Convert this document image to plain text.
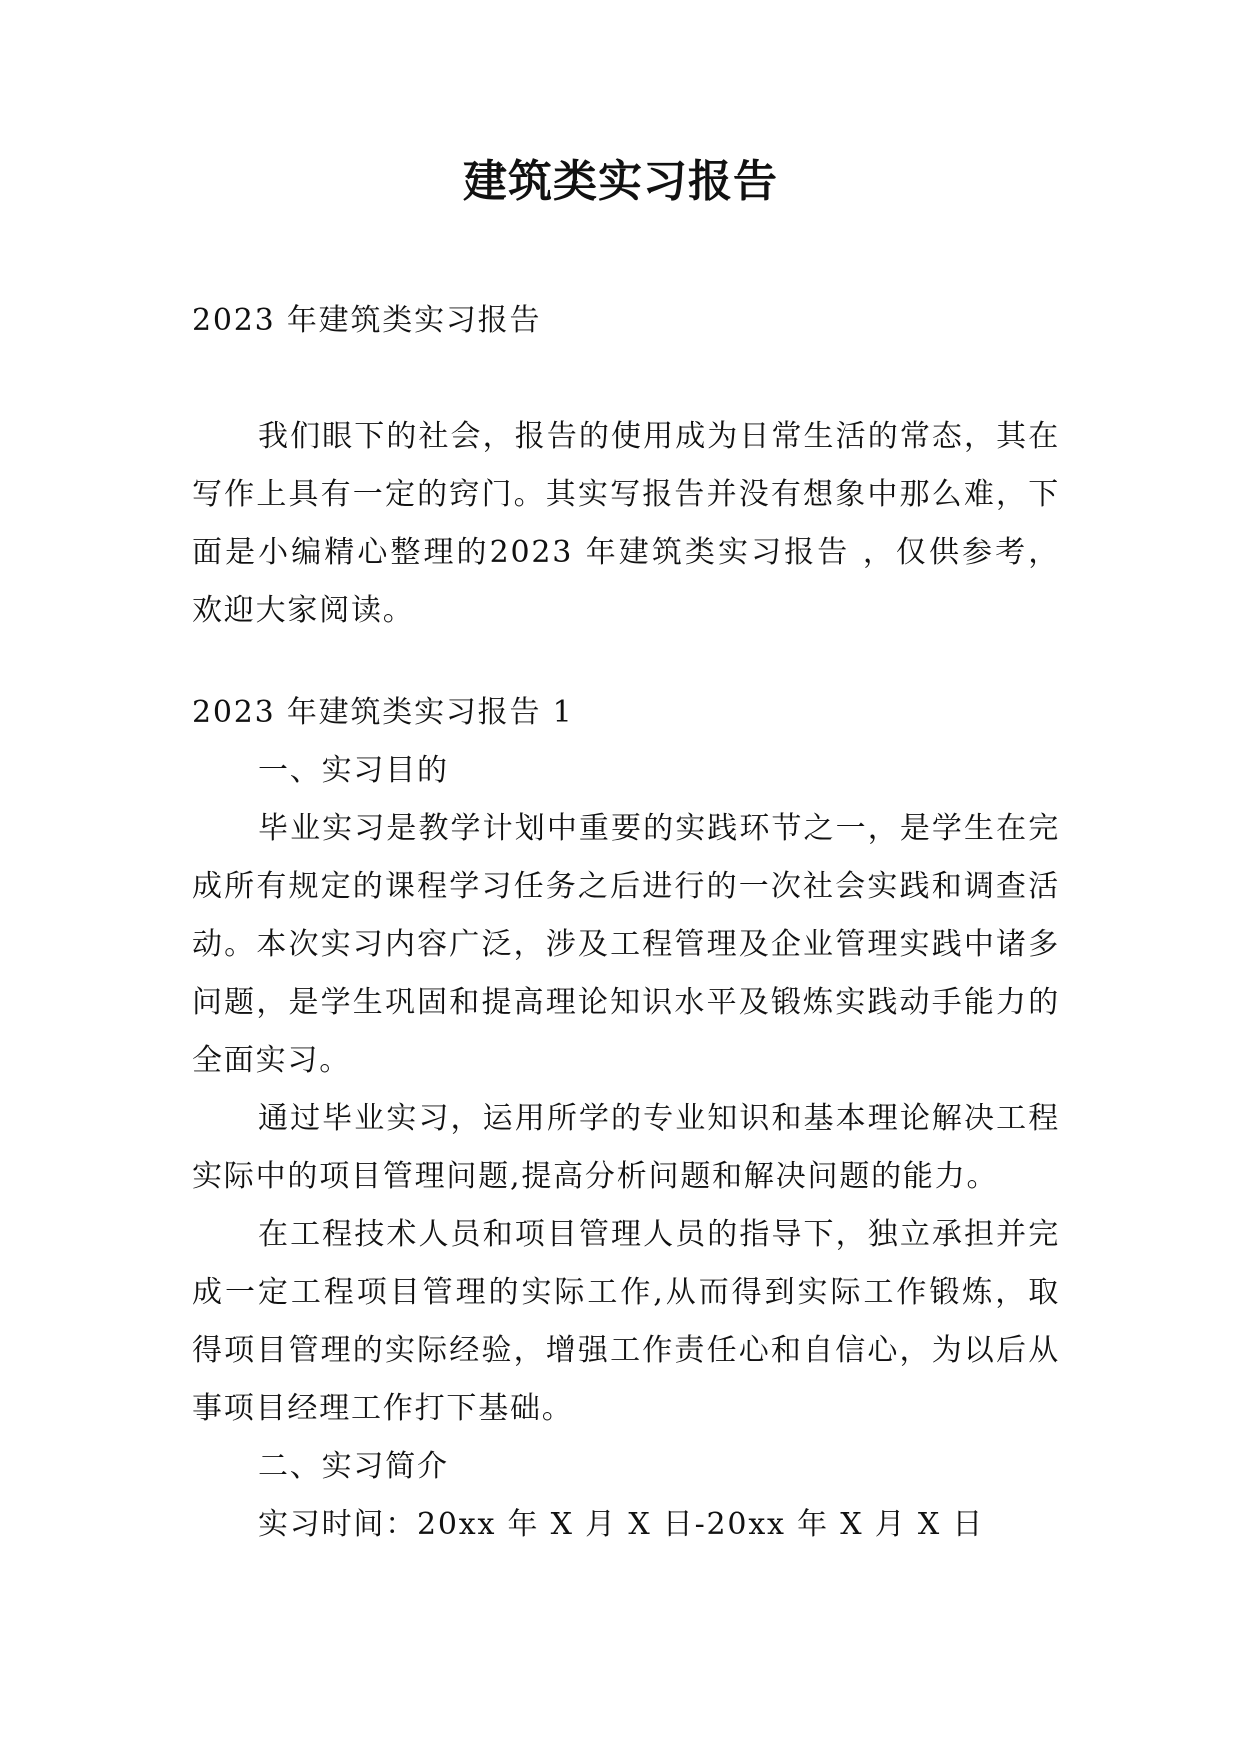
建筑类实习报告

2023 年建筑类实习报告

我们眼下的社会，报告的使用成为日常生活的常态，其在写作上具有一定的窍门。其实写报告并没有想象中那么难，下面是小编精心整理的2023 年建筑类实习报告 ，仅供参考，欢迎大家阅读。

2023 年建筑类实习报告 1

一、实习目的

毕业实习是教学计划中重要的实践环节之一，是学生在完成所有规定的课程学习任务之后进行的一次社会实践和调查活动。本次实习内容广泛，涉及工程管理及企业管理实践中诸多问题，是学生巩固和提高理论知识水平及锻炼实践动手能力的全面实习。

通过毕业实习，运用所学的专业知识和基本理论解决工程实际中的项目管理问题,提高分析问题和解决问题的能力。

在工程技术人员和项目管理人员的指导下，独立承担并完成一定工程项目管理的实际工作,从而得到实际工作锻炼，取得项目管理的实际经验，增强工作责任心和自信心，为以后从事项目经理工作打下基础。

二、实习简介

实习时间：20xx 年 X 月 X 日-20xx 年 X 月 X 日
